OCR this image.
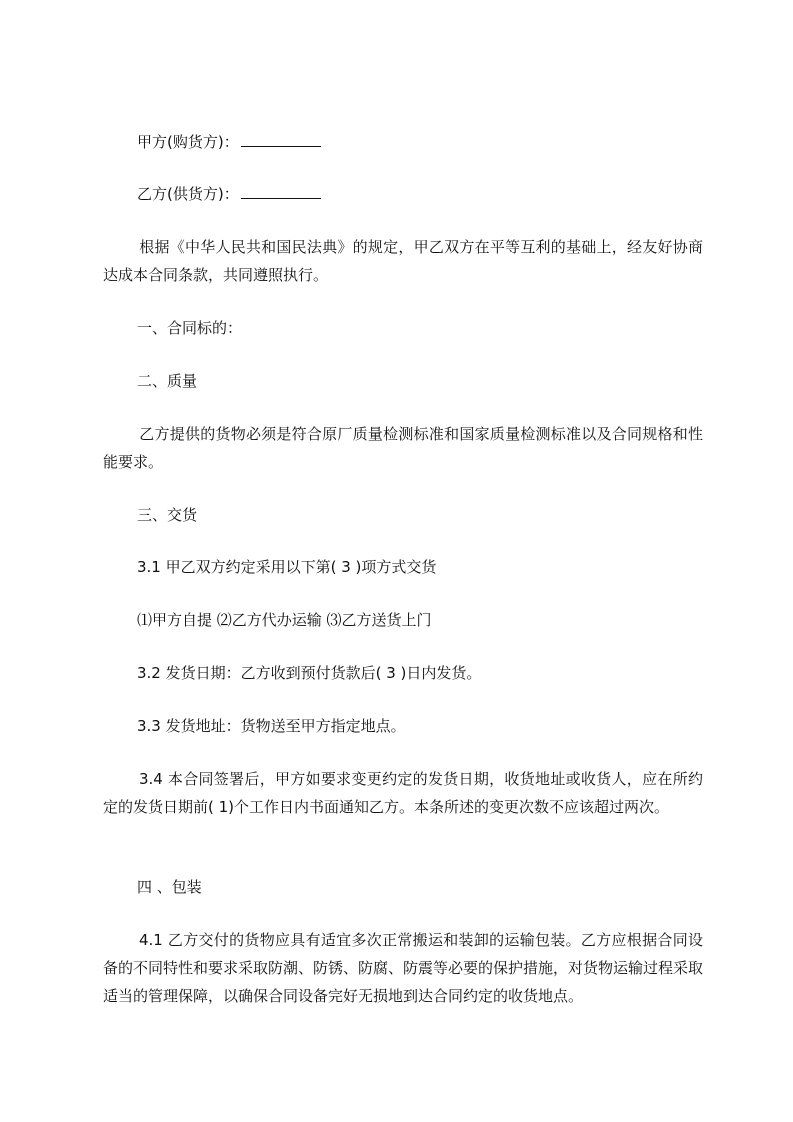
甲方(购货方)：
乙方(供货方)：
根据《中华人民共和国民法典》的规定，甲乙双方在平等互利的基础上，经友好协商达成本合同条款，共同遵照执行。
一、合同标的：
二、质量
乙方提供的货物必须是符合原厂质量检测标准和国家质量检测标准以及合同规格和性能要求。
三、交货
3.1 甲乙双方约定采用以下第( 3 )项方式交货
⑴甲方自提 ⑵乙方代办运输 ⑶乙方送货上门
3.2 发货日期：乙方收到预付货款后( 3 )日内发货。
3.3 发货地址：货物送至甲方指定地点。
3.4 本合同签署后，甲方如要求变更约定的发货日期，收货地址或收货人，应在所约定的发货日期前( 1)个工作日内书面通知乙方。本条所述的变更次数不应该超过两次。
四 、包装
4.1 乙方交付的货物应具有适宜多次正常搬运和装卸的运输包装。乙方应根据合同设备的不同特性和要求采取防潮、防锈、防腐、防震等必要的保护措施，对货物运输过程采取适当的管理保障，以确保合同设备完好无损地到达合同约定的收货地点。
